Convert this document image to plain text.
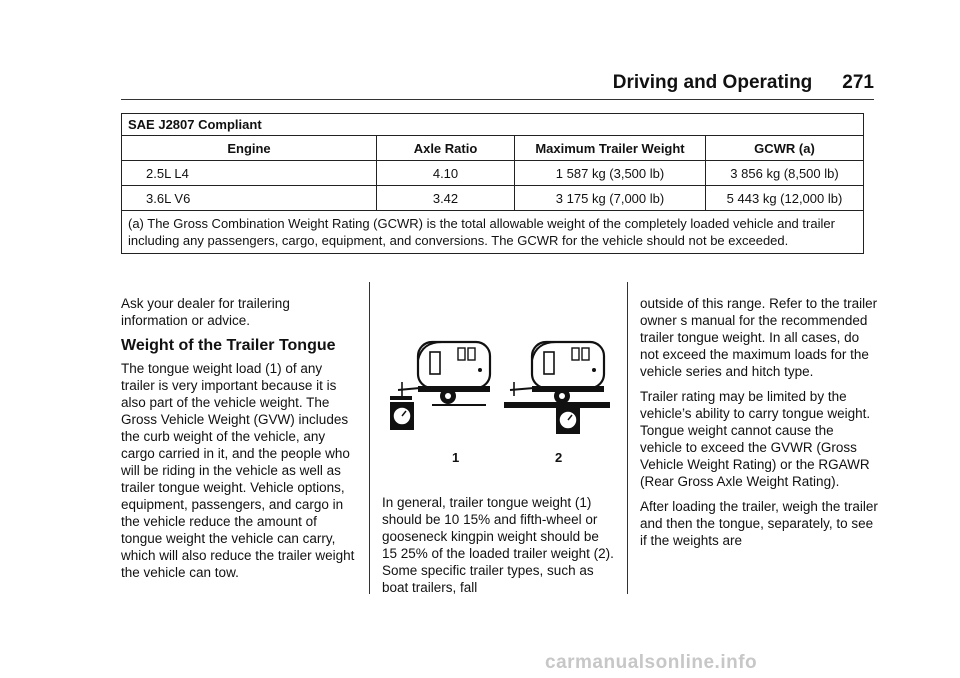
Driving and Operating 271
SAE J2807 Compliant			
Engine	Axle Ratio	Maximum Trailer Weight	GCWR (a)
2.5L L4	4.10	1 587 kg (3,500 lb)	3 856 kg (8,500 lb)
3.6L V6	3.42	3 175 kg (7,000 lb)	5 443 kg (12,000 lb)
(a) The Gross Combination Weight Rating (GCWR) is the total allowable weight of the completely loaded vehicle and trailer including any passengers, cargo, equipment, and conversions. The GCWR for the vehicle should not be exceeded.			

Ask your dealer for trailering information or advice.

Weight of the Trailer Tongue

The tongue weight load (1) of any trailer is very important because it is also part of the vehicle weight. The Gross Vehicle Weight (GVW) includes the curb weight of the vehicle, any cargo carried in it, and the people who will be riding in the vehicle as well as trailer tongue weight. Vehicle options, equipment, passengers, and cargo in the vehicle reduce the amount of tongue weight the vehicle can carry, which will also reduce the trailer weight the vehicle can tow.

1	2

In general, trailer tongue weight (1) should be 10 15% and fifth-wheel or gooseneck kingpin weight should be 15 25% of the loaded trailer weight (2). Some specific trailer types, such as boat trailers, fall

outside of this range. Refer to the trailer owner s manual for the recommended trailer tongue weight. In all cases, do not exceed the maximum loads for the vehicle series and hitch type.

Trailer rating may be limited by the vehicle’s ability to carry tongue weight. Tongue weight cannot cause the vehicle to exceed the GVWR (Gross Vehicle Weight Rating) or the RGAWR (Rear Gross Axle Weight Rating).

After loading the trailer, weigh the trailer and then the tongue, separately, to see if the weights are

carmanualsonline.info
